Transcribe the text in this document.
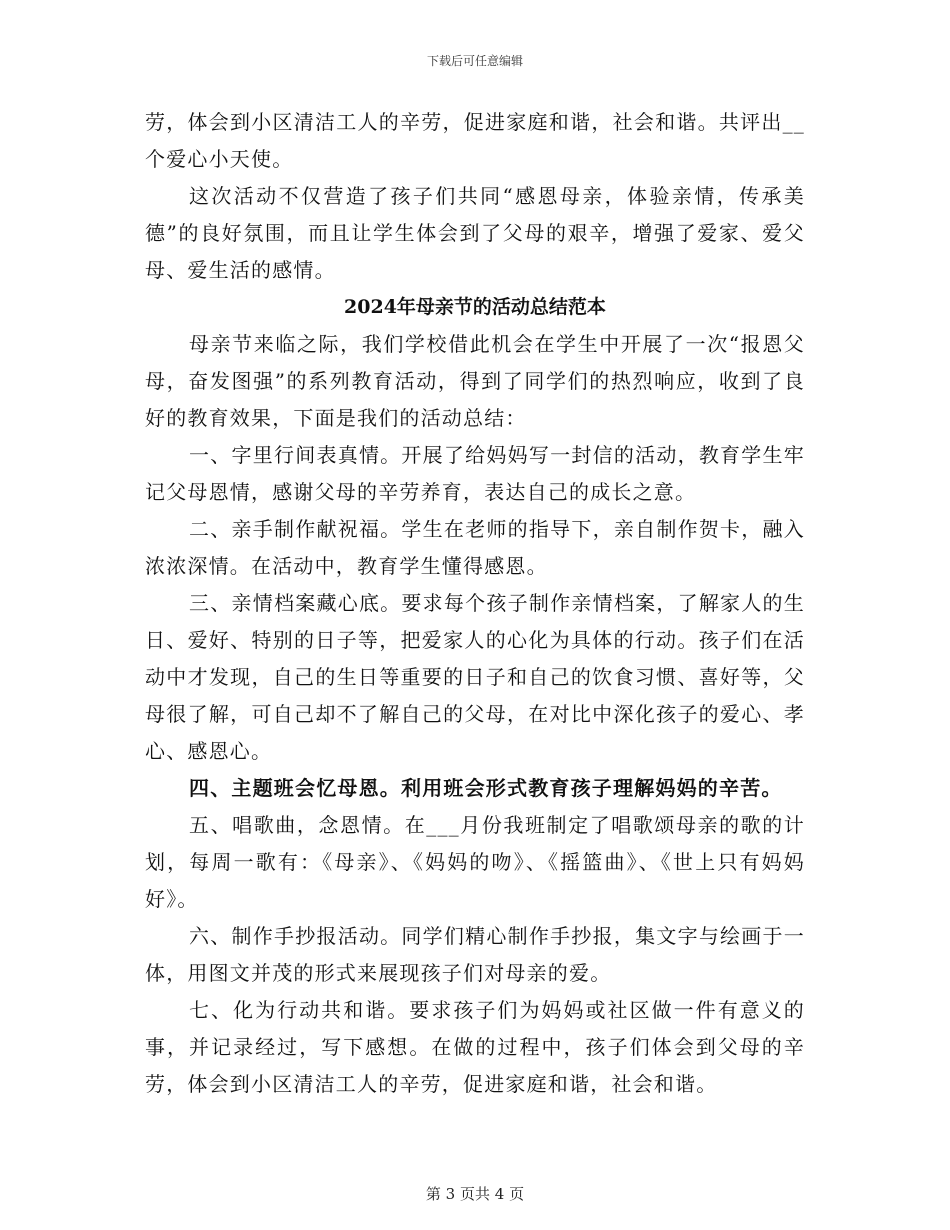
下载后可任意编辑

劳，体会到小区清洁工人的辛劳，促进家庭和谐，社会和谐。共评出__个爱心小天使。

这次活动不仅营造了孩子们共同“感恩母亲，体验亲情，传承美德”的良好氛围，而且让学生体会到了父母的艰辛，增强了爱家、爱父母、爱生活的感情。

2024年母亲节的活动总结范本

母亲节来临之际，我们学校借此机会在学生中开展了一次“报恩父母，奋发图强”的系列教育活动，得到了同学们的热烈响应，收到了良好的教育效果，下面是我们的活动总结：

一、字里行间表真情。开展了给妈妈写一封信的活动，教育学生牢记父母恩情，感谢父母的辛劳养育，表达自己的成长之意。

二、亲手制作献祝福。学生在老师的指导下，亲自制作贺卡，融入浓浓深情。在活动中，教育学生懂得感恩。

三、亲情档案藏心底。要求每个孩子制作亲情档案，了解家人的生日、爱好、特别的日子等，把爱家人的心化为具体的行动。孩子们在活动中才发现，自己的生日等重要的日子和自己的饮食习惯、喜好等，父母很了解，可自己却不了解自己的父母，在对比中深化孩子的爱心、孝心、感恩心。

四、主题班会忆母恩。利用班会形式教育孩子理解妈妈的辛苦。

五、唱歌曲，念恩情。在___月份我班制定了唱歌颂母亲的歌的计划，每周一歌有：《母亲》、《妈妈的吻》、《摇篮曲》、《世上只有妈妈好》。

六、制作手抄报活动。同学们精心制作手抄报，集文字与绘画于一体，用图文并茂的形式来展现孩子们对母亲的爱。

七、化为行动共和谐。要求孩子们为妈妈或社区做一件有意义的事，并记录经过，写下感想。在做的过程中，孩子们体会到父母的辛劳，体会到小区清洁工人的辛劳，促进家庭和谐，社会和谐。

第 3 页共 4 页
